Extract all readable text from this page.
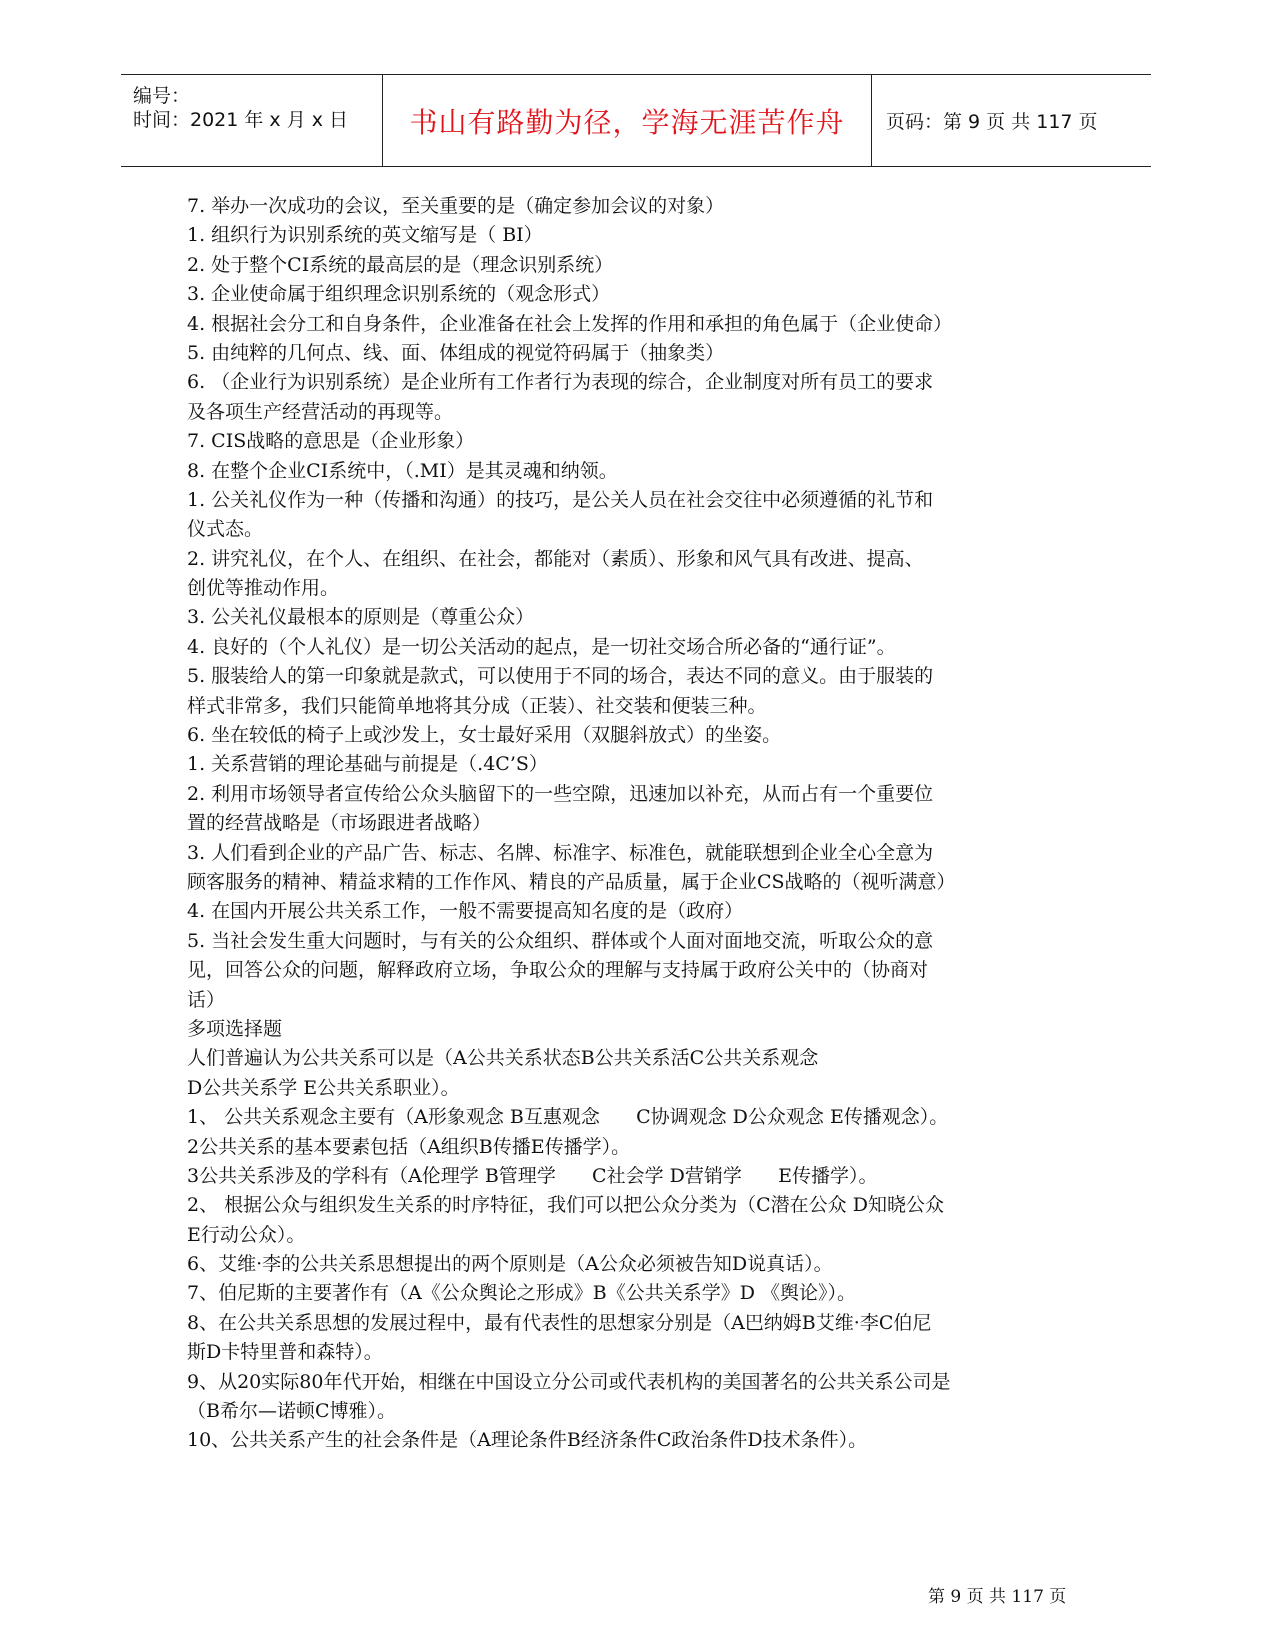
编号：
时间：2021 年 x 月 x 日 书山有路勤为径，学海无涯苦作舟 页码：第 9 页 共 117 页
7. 举办一次成功的会议，至关重要的是（确定参加会议的对象）
1. 组织行为识别系统的英文缩写是（ BI）
2. 处于整个CI系统的最高层的是（理念识别系统）
3. 企业使命属于组织理念识别系统的（观念形式）
4. 根据社会分工和自身条件，企业准备在社会上发挥的作用和承担的角色属于（企业使命）
5. 由纯粹的几何点、线、面、体组成的视觉符码属于（抽象类）
6. （企业行为识别系统）是企业所有工作者行为表现的综合，企业制度对所有员工的要求
及各项生产经营活动的再现等。
7. CIS战略的意思是（企业形象）
8. 在整个企业CI系统中，（.MI）是其灵魂和纳领。
1. 公关礼仪作为一种（传播和沟通）的技巧，是公关人员在社会交往中必须遵循的礼节和
仪式态。
2. 讲究礼仪，在个人、在组织、在社会，都能对（素质）、形象和风气具有改进、提高、
创优等推动作用。
3. 公关礼仪最根本的原则是（尊重公众）
4. 良好的（个人礼仪）是一切公关活动的起点，是一切社交场合所必备的“通行证”。
5. 服装给人的第一印象就是款式，可以使用于不同的场合，表达不同的意义。由于服装的
样式非常多，我们只能简单地将其分成（正装）、社交装和便装三种。
6. 坐在较低的椅子上或沙发上，女士最好采用（双腿斜放式）的坐姿。
1. 关系营销的理论基础与前提是（.4C’S）
2. 利用市场领导者宣传给公众头脑留下的一些空隙，迅速加以补充，从而占有一个重要位
置的经营战略是（市场跟进者战略）
3. 人们看到企业的产品广告、标志、名牌、标准字、标准色，就能联想到企业全心全意为
顾客服务的精神、精益求精的工作作风、精良的产品质量，属于企业CS战略的（视听满意）
4. 在国内开展公共关系工作，一般不需要提高知名度的是（政府）
5. 当社会发生重大问题时，与有关的公众组织、群体或个人面对面地交流，听取公众的意
见，回答公众的问题，解释政府立场，争取公众的理解与支持属于政府公关中的（协商对
话）
多项选择题
人们普遍认为公共关系可以是（A公共关系状态B公共关系活C公共关系观念
D公共关系学 E公共关系职业）。
1、 公共关系观念主要有（A形象观念 B互惠观念      C协调观念 D公众观念 E传播观念）。
2公共关系的基本要素包括（A组织B传播E传播学）。
3公共关系涉及的学科有（A伦理学 B管理学      C社会学 D营销学      E传播学）。
2、 根据公众与组织发生关系的时序特征，我们可以把公众分类为（C潜在公众 D知晓公众
E行动公众）。
6、艾维·李的公共关系思想提出的两个原则是（A公众必须被告知D说真话）。
7、伯尼斯的主要著作有（A《公众舆论之形成》B《公共关系学》D 《舆论》）。
8、在公共关系思想的发展过程中，最有代表性的思想家分别是（A巴纳姆B艾维·李C伯尼
斯D卡特里普和森特）。
9、从20实际80年代开始，相继在中国设立分公司或代表机构的美国著名的公共关系公司是
（B希尔—诺顿C博雅）。
10、公共关系产生的社会条件是（A理论条件B经济条件C政治条件D技术条件）。
第 9 页 共 117 页
